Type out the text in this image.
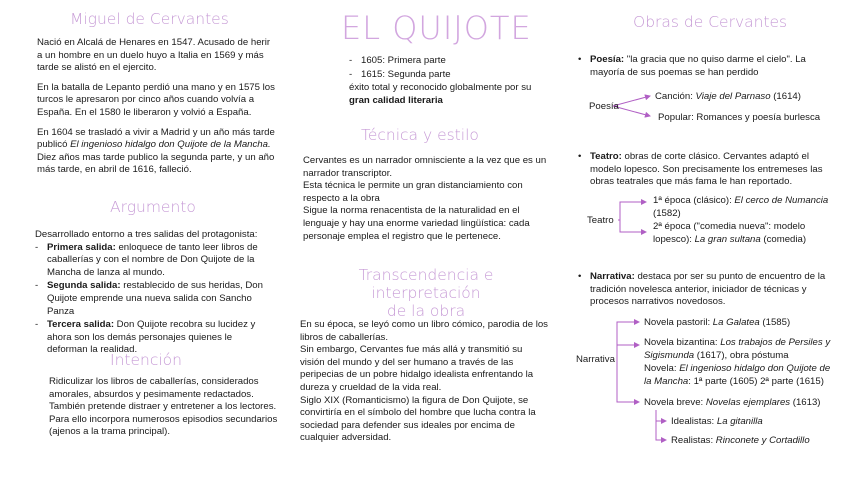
Miguel de Cervantes

Nació en Alcalá de Henares en 1547. Acusado de herir a un hombre en un duelo huyo a Italia en 1569 y más tarde se alistó en el ejercito.

En la batalla de Lepanto perdió una mano y en 1575 los turcos le apresaron por cinco años cuando volvía a España. En el 1580 le liberaron y volvió a España.

En 1604 se trasladó a vivir a Madrid y un año más tarde publicó El ingenioso hidalgo don Quijote de la Mancha. Diez años mas tarde publico la segunda parte, y un año más tarde, en abril de 1616, falleció.

Argumento

Desarrollado entorno a tres salidas del protagonista:

- Primera salida: enloquece de tanto leer libros de caballerías y con el nombre de Don Quijote de la Mancha de lanza al mundo.
- Segunda salida: restablecido de sus heridas, Don Quijote emprende una nueva salida con Sancho Panza
- Tercera salida: Don Quijote recobra su lucidez y ahora son los demás personajes quienes le deforman la realidad.
Intención
Ridiculizar los libros de caballerías, considerados amorales, absurdos y pesimamente redactados. También pretende distraer y entretener a los lectores. Para ello incorpora numerosos episodios secundarios (ajenos a la trama principal).
EL QUIJOTE
- 1605: Primera parte
- 1615: Segunda parte

éxito total y reconocido globalmente por su gran calidad literaria

Técnica y estilo

Cervantes es un narrador omnisciente a la vez que es un narrador transcriptor.

Esta técnica le permite un gran distanciamiento con respecto a la obra

Sigue la norma renacentista de la naturalidad en el lenguaje y hay una enorme variedad lingüística: cada personaje emplea el registro que le pertenece.

Transcendencia e interpretación
de la obra

En su época, se leyó como un libro cómico, parodia de los libros de caballerías.

Sin embargo, Cervantes fue más allá y transmitió su visión del mundo y del ser humano a través de las peripecias de un pobre hidalgo idealista enfrentando la dureza y crueldad de la vida real.

Siglo XIX (Romanticismo) la figura de Don Quijote, se convirtiría en el símbolo del hombre que lucha contra la sociedad para defender sus ideales por encima de cualquier adversidad.

Obras de Cervantes
• Poesía: "la gracia que no quiso darme el cielo". La mayoría de sus poemas se han perdido
Poesía
Canción: Viaje del Parnaso (1614)
Popular: Romances y poesía burlesca
• Teatro: obras de corte clásico. Cervantes adaptó el modelo lopesco. Son precisamente los entremeses las obras teatrales que más fama le han reportado.
Teatro
1ª época (clásico): El cerco de Numancia (1582)
2ª época ("comedia nueva": modelo lopesco): La gran sultana (comedia)
• Narrativa: destaca por ser su punto de encuentro de la tradición novelesca anterior, iniciador de técnicas y procesos narrativos novedosos.
Narrativa
Novela pastoril: La Galatea (1585)
Novela bizantina: Los trabajos de Persiles y Sigismunda (1617), obra póstuma
Novela: El ingenioso hidalgo don Quijote de la Mancha: 1ª parte (1605) 2ª parte (1615)
Novela breve: Novelas ejemplares (1613)
Idealistas: La gitanilla
Realistas: Rinconete y Cortadillo
